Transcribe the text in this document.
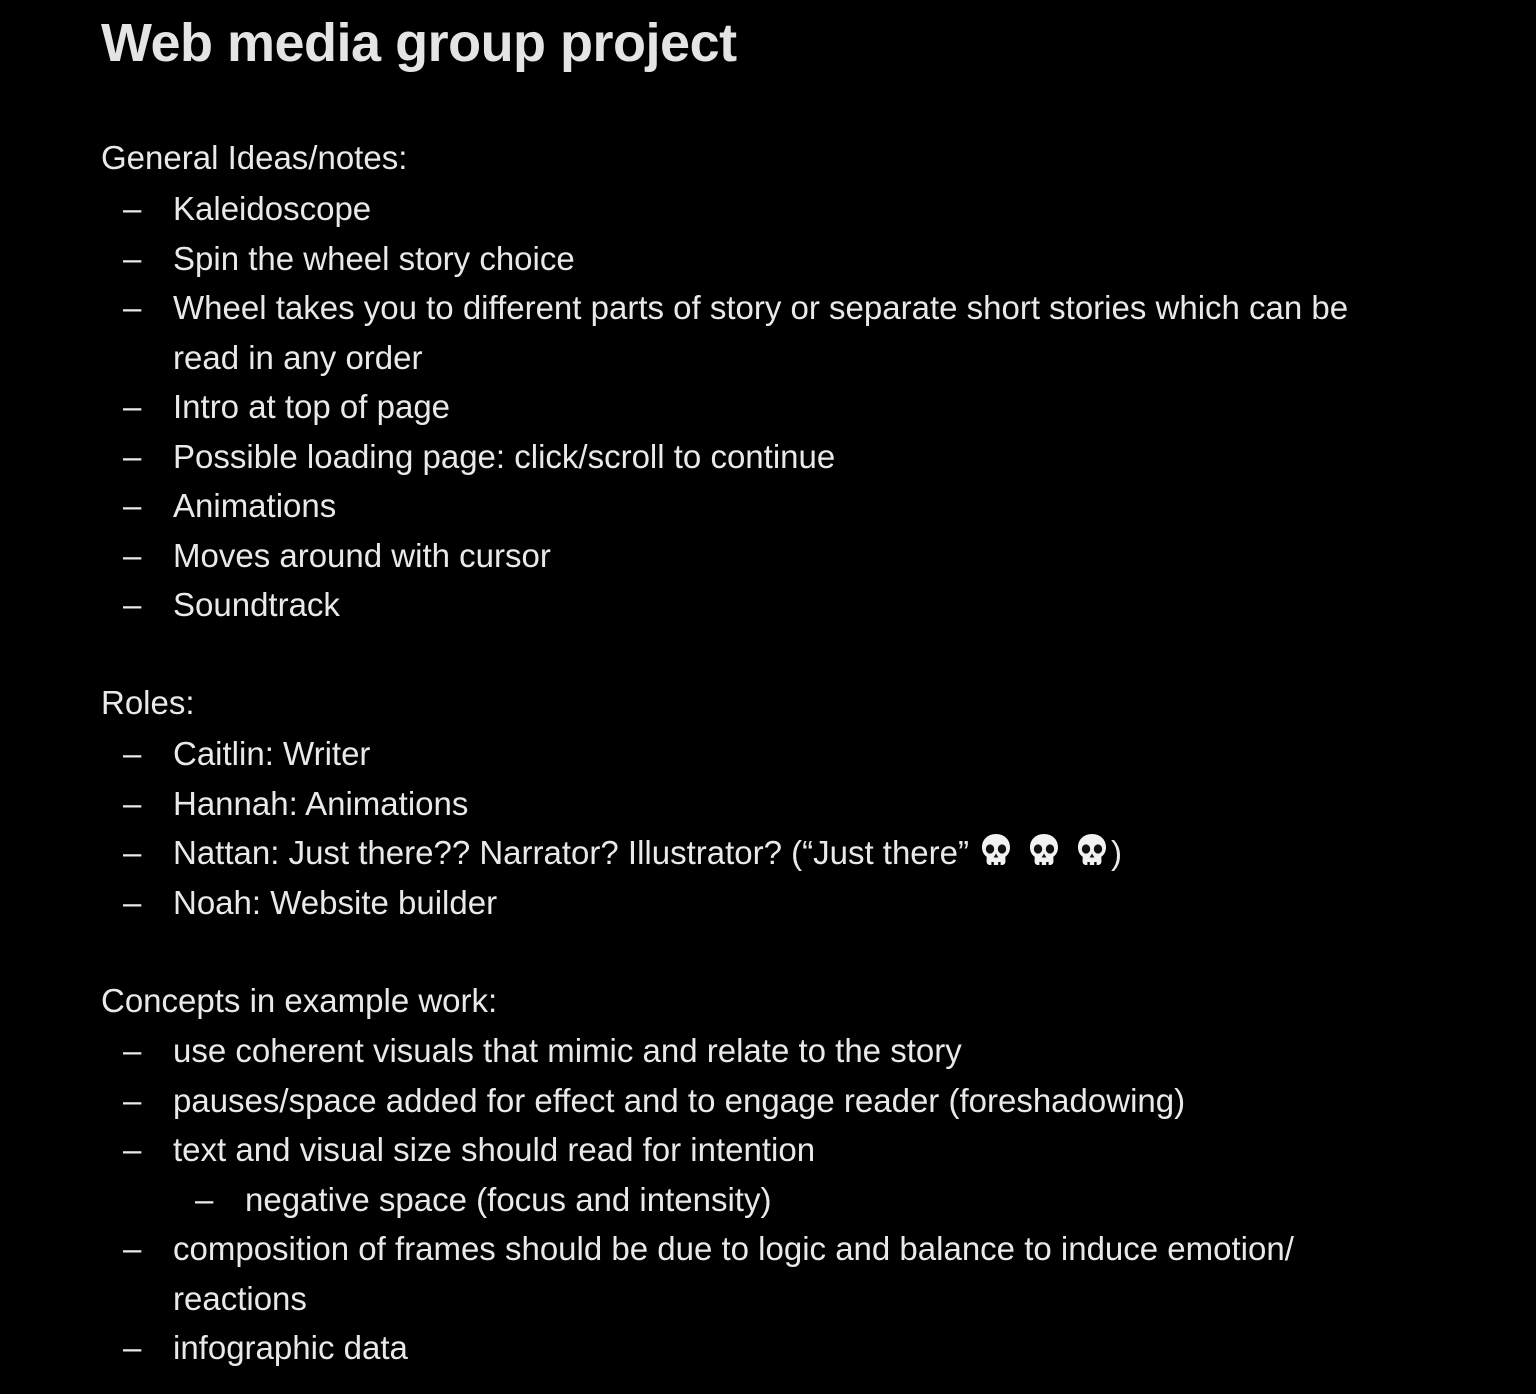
Web media group project

General Ideas/notes:

– Kaleidoscope
– Spin the wheel story choice
– Wheel takes you to different parts of story or separate short stories which can be read in any order
– Intro at top of page
– Possible loading page: click/scroll to continue
– Animations
– Moves around with cursor
– Soundtrack

Roles:

– Caitlin: Writer
– Hannah: Animations
– Nattan: Just there?? Narrator? Illustrator? (“Just there”	)
– Noah: Website builder

Concepts in example work:

– use coherent visuals that mimic and relate to the story
– pauses/space added for effect and to engage reader (foreshadowing)
– text and visual size should read for intention
– negative space (focus and intensity)
– composition of frames should be due to logic and balance to induce emotion/ reactions
– infographic data
